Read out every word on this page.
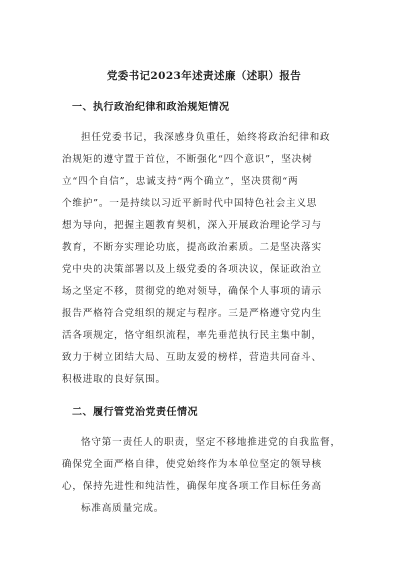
党委书记2023年述责述廉（述职）报告
一、执行政治纪律和政治规矩情况

担任党委书记，我深感身负重任，始终将政治纪律和政

治规矩的遵守置于首位，不断强化“四个意识”，坚决树

立“四个自信”，忠诚支持“两个确立”，坚决贯彻“两

个维护”。一是持续以习近平新时代中国特色社会主义思

想为导向，把握主题教育契机，深入开展政治理论学习与

教育，不断夯实理论功底，提高政治素质。二是坚决落实

党中央的决策部署以及上级党委的各项决议，保证政治立

场之坚定不移，贯彻党的绝对领导，确保个人事项的请示

报告严格符合党组织的规定与程序。三是严格遵守党内生

活各项规定，恪守组织流程，率先垂范执行民主集中制，

致力于树立团结大局、互助友爱的榜样，营造共同奋斗、

积极进取的良好氛围。

二、履行管党治党责任情况

恪守第一责任人的职责，坚定不移地推进党的自我监督，

确保党全面严格自律，使党始终作为本单位坚定的领导核

心，保持先进性和纯洁性，确保年度各项工作目标任务高

标准高质量完成。
